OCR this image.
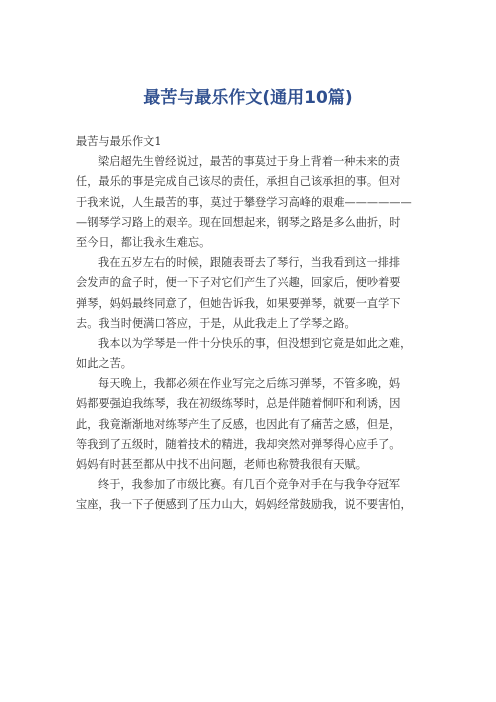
最苦与最乐作文(通用10篇)
最苦与最乐作文1
梁启超先生曾经说过，最苦的事莫过于身上背着一种未来的责
任，最乐的事是完成自己该尽的责任，承担自己该承担的事。但对
于我来说，人生最苦的事，莫过于攀登学习高峰的艰难——————
—钢琴学习路上的艰辛。现在回想起来，钢琴之路是多么曲折，时
至今日，都让我永生难忘。
我在五岁左右的时候，跟随表哥去了琴行，当我看到这一排排
会发声的盒子时，便一下子对它们产生了兴趣，回家后，便吵着要
弹琴，妈妈最终同意了，但她告诉我，如果要弹琴，就要一直学下
去。我当时便满口答应，于是，从此我走上了学琴之路。
我本以为学琴是一件十分快乐的事，但没想到它竟是如此之难，
如此之苦。
每天晚上，我都必须在作业写完之后练习弹琴，不管多晚，妈
妈都要强迫我练琴，我在初级练琴时，总是伴随着恫吓和利诱，因
此，我竟渐渐地对练琴产生了反感，也因此有了痛苦之感，但是，
等我到了五级时，随着技术的精进，我却突然对弹琴得心应手了。
妈妈有时甚至都从中找不出问题，老师也称赞我很有天赋。
终于，我参加了市级比赛。有几百个竞争对手在与我争夺冠军
宝座，我一下子便感到了压力山大，妈妈经常鼓励我，说不要害怕，
